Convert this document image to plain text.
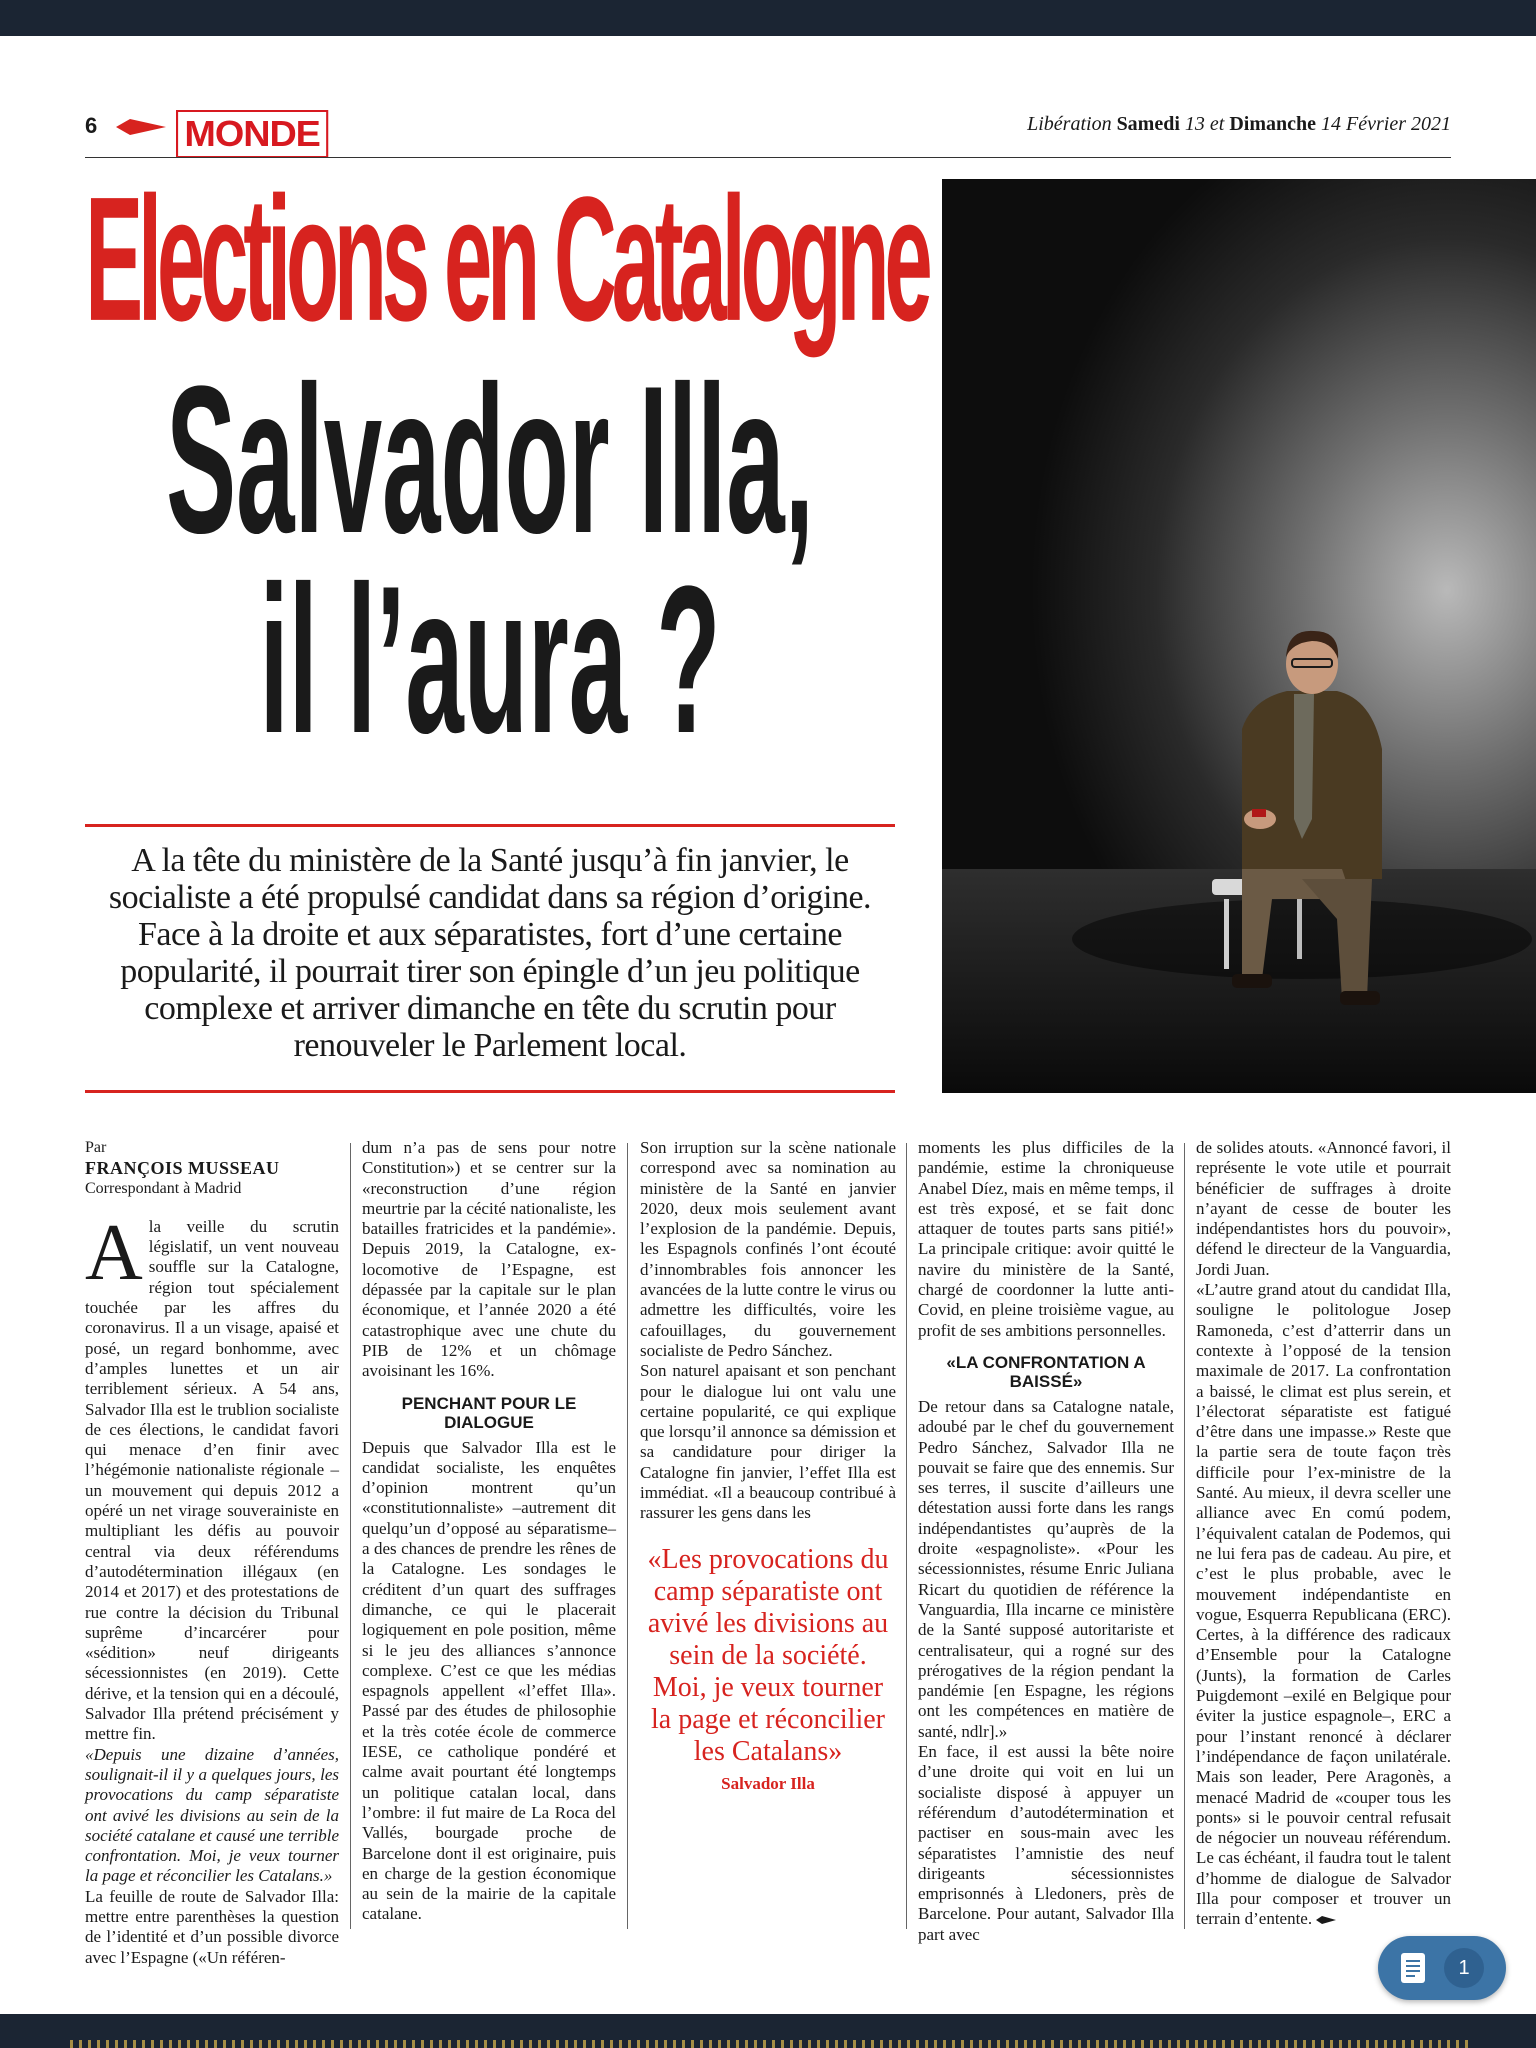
6 MONDE	Libération Samedi 13 et Dimanche 14 Février 2021
Elections en Catalogne
Salvador Illa,
il l’aura ?
A la tête du ministère de la Santé jusqu’à fin janvier, le socialiste a été propulsé candidat dans sa région d’origine. Face à la droite et aux séparatistes, fort d’une certaine popularité, il pourrait tirer son épingle d’un jeu politique complexe et arriver dimanche en tête du scrutin pour renouveler le Parlement local.
Par
FRANÇOIS MUSSEAU
Correspondant à Madrid

Ala veille du scrutin législatif, un vent nouveau souffle sur la Catalogne, région tout spécialement touchée par les affres du coronavirus. Il a un visage, apaisé et posé, un regard bonhomme, avec d’amples lunettes et un air terriblement sérieux. A 54 ans, Salvador Illa est le trublion socialiste de ces élections, le candidat favori qui menace d’en finir avec l’hégémonie nationaliste régionale –un mouvement qui depuis 2012 a opéré un net virage souverainiste en multipliant les défis au pouvoir central via deux référendums d’autodétermination illégaux (en 2014 et 2017) et des protestations de rue contre la décision du Tribunal suprême d’incarcérer pour «sédition» neuf dirigeants sécessionnistes (en 2019). Cette dérive, et la tension qui en a découlé, Salvador Illa prétend précisément y mettre fin.

«Depuis une dizaine d’années, soulignait-il il y a quelques jours, les provocations du camp séparatiste ont avivé les divisions au sein de la société catalane et causé une terrible confrontation. Moi, je veux tourner la page et réconcilier les Catalans.»

La feuille de route de Salvador Illa: mettre entre parenthèses la question de l’identité et d’un possible divorce avec l’Espagne («Un référen-

dum n’a pas de sens pour notre Constitution») et se centrer sur la «reconstruction d’une région meurtrie par la cécité nationaliste, les batailles fratricides et la pandémie». Depuis 2019, la Catalogne, ex-locomotive de l’Espagne, est dépassée par la capitale sur le plan économique, et l’année 2020 a été catastrophique avec une chute du PIB de 12% et un chômage avoisinant les 16%.

PENCHANT POUR LE DIALOGUE

Depuis que Salvador Illa est le candidat socialiste, les enquêtes d’opinion montrent qu’un «constitutionnaliste» –autrement dit quelqu’un d’opposé au séparatisme– a des chances de prendre les rênes de la Catalogne. Les sondages le créditent d’un quart des suffrages dimanche, ce qui le placerait logiquement en pole position, même si le jeu des alliances s’annonce complexe. C’est ce que les médias espagnols appellent «l’effet Illa». Passé par des études de philosophie et la très cotée école de commerce IESE, ce catholique pondéré et calme avait pourtant été longtemps un politique catalan local, dans l’ombre: il fut maire de La Roca del Vallés, bourgade proche de Barcelone dont il est originaire, puis en charge de la gestion économique au sein de la mairie de la capitale catalane.

Son irruption sur la scène nationale correspond avec sa nomination au ministère de la Santé en janvier 2020, deux mois seulement avant l’explosion de la pandémie. Depuis, les Espagnols confinés l’ont écouté d’innombrables fois annoncer les avancées de la lutte contre le virus ou admettre les difficultés, voire les cafouillages, du gouvernement socialiste de Pedro Sánchez.

Son naturel apaisant et son penchant pour le dialogue lui ont valu une certaine popularité, ce qui explique que lorsqu’il annonce sa démission et sa candidature pour diriger la Catalogne fin janvier, l’effet Illa est immédiat. «Il a beaucoup contribué à rassurer les gens dans les

«Les provocations du camp séparatiste ont avivé les divisions au sein de la société. Moi, je veux tourner la page et réconcilier les Catalans»
Salvador Illa

moments les plus difficiles de la pandémie, estime la chroniqueuse Anabel Díez, mais en même temps, il est très exposé, et se fait donc attaquer de toutes parts sans pitié!» La principale critique: avoir quitté le navire du ministère de la Santé, chargé de coordonner la lutte anti-Covid, en pleine troisième vague, au profit de ses ambitions personnelles.

«LA CONFRONTATION A BAISSÉ»

De retour dans sa Catalogne natale, adoubé par le chef du gouvernement Pedro Sánchez, Salvador Illa ne pouvait se faire que des ennemis. Sur ses terres, il suscite d’ailleurs une détestation aussi forte dans les rangs indépendantistes qu’auprès de la droite «espagnoliste». «Pour les sécessionnistes, résume Enric Juliana Ricart du quotidien de référence la Vanguardia, Illa incarne ce ministère de la Santé supposé autoritariste et centralisateur, qui a rogné sur des prérogatives de la région pendant la pandémie [en Espagne, les régions ont les compétences en matière de santé, ndlr].»

En face, il est aussi la bête noire d’une droite qui voit en lui un socialiste disposé à appuyer un référendum d’autodétermination et pactiser en sous-main avec les séparatistes l’amnistie des neuf dirigeants sécessionnistes emprisonnés à Lledoners, près de Barcelone. Pour autant, Salvador Illa part avec

de solides atouts. «Annoncé favori, il représente le vote utile et pourrait bénéficier de suffrages à droite n’ayant de cesse de bouter les indépendantistes hors du pouvoir», défend le directeur de la Vanguardia, Jordi Juan.

«L’autre grand atout du candidat Illa, souligne le politologue Josep Ramoneda, c’est d’atterrir dans un contexte à l’opposé de la tension maximale de 2017. La confrontation a baissé, le climat est plus serein, et l’électorat séparatiste est fatigué d’être dans une impasse.» Reste que la partie sera de toute façon très difficile pour l’ex-ministre de la Santé. Au mieux, il devra sceller une alliance avec En comú podem, l’équivalent catalan de Podemos, qui ne lui fera pas de cadeau. Au pire, et c’est le plus probable, avec le mouvement indépendantiste en vogue, Esquerra Republicana (ERC). Certes, à la différence des radicaux d’Ensemble pour la Catalogne (Junts), la formation de Carles Puigdemont –exilé en Belgique pour éviter la justice espagnole–, ERC a pour l’instant renoncé à déclarer l’indépendance de façon unilatérale. Mais son leader, Pere Aragonès, a menacé Madrid de «couper tous les ponts» si le pouvoir central refusait de négocier un nouveau référendum. Le cas échéant, il faudra tout le talent d’homme de dialogue de Salvador Illa pour composer et trouver un terrain d’entente.

1
